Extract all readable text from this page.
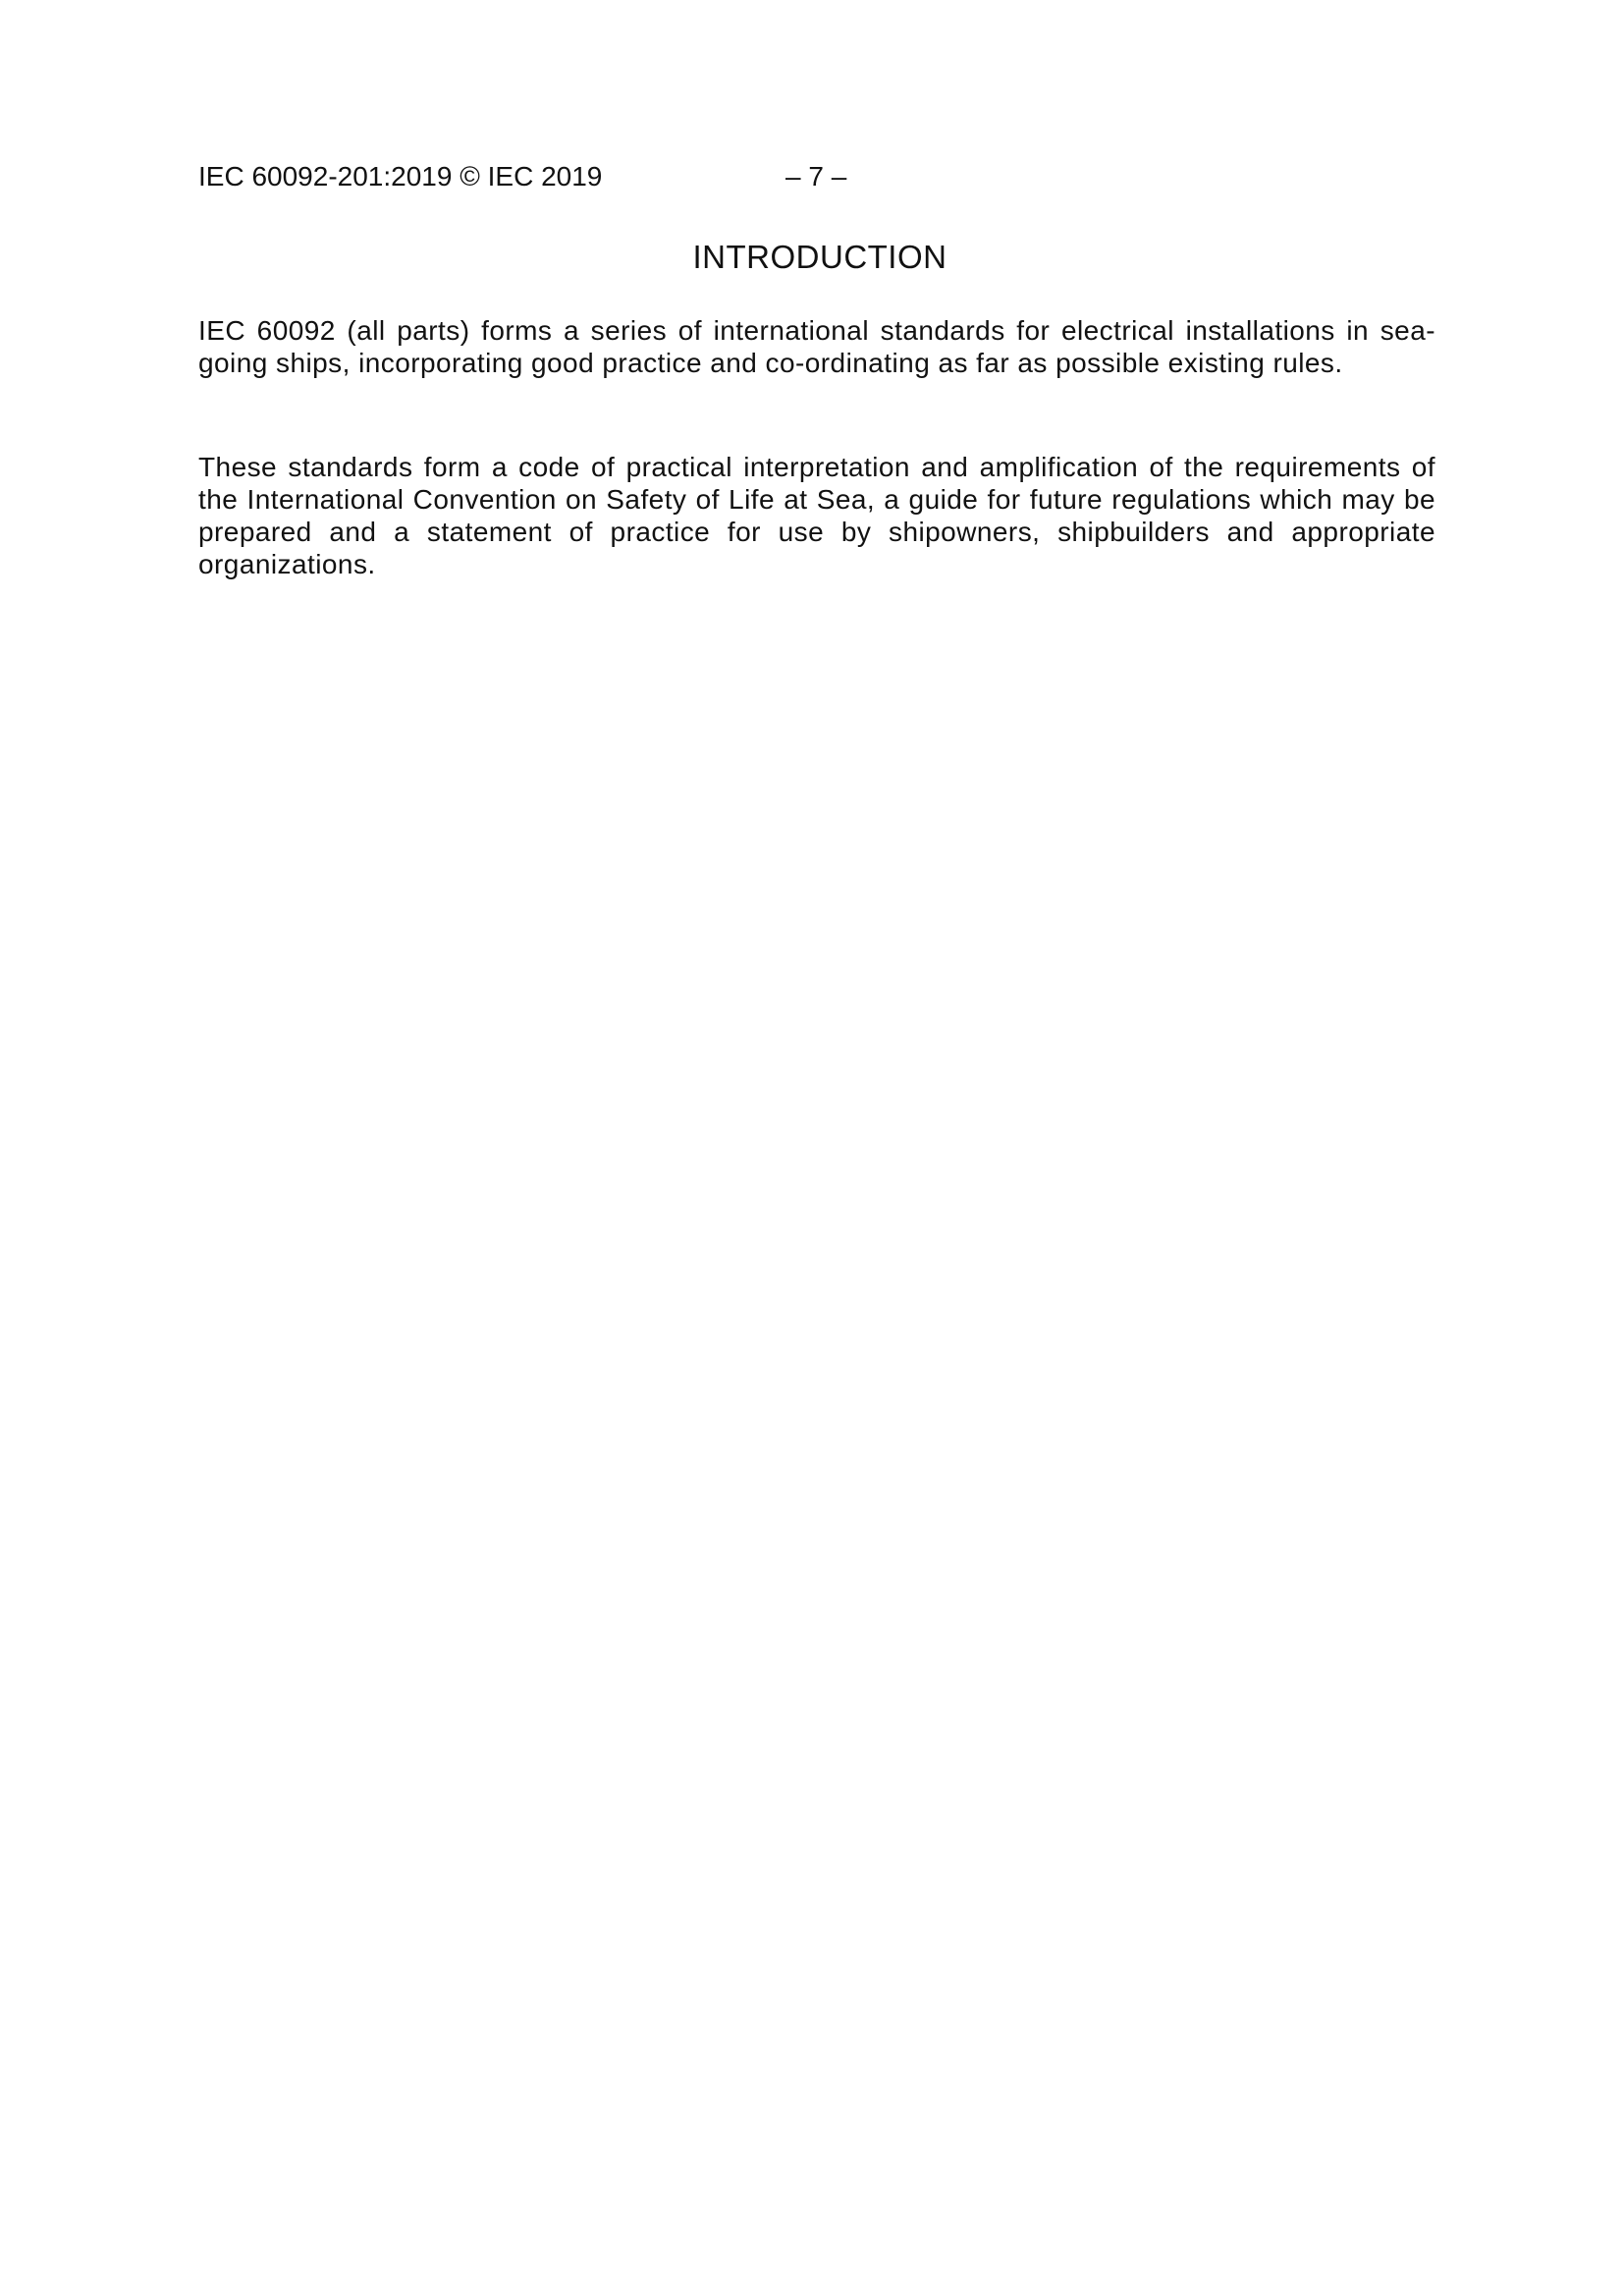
IEC 60092-201:2019 © IEC 2019	– 7 –
INTRODUCTION

IEC 60092 (all parts) forms a series of international standards for electrical installations in sea-going ships, incorporating good practice and co-ordinating as far as possible existing rules.

These standards form a code of practical interpretation and amplification of the requirements of the International Convention on Safety of Life at Sea, a guide for future regulations which may be prepared and a statement of practice for use by shipowners, shipbuilders and appropriate organizations.
